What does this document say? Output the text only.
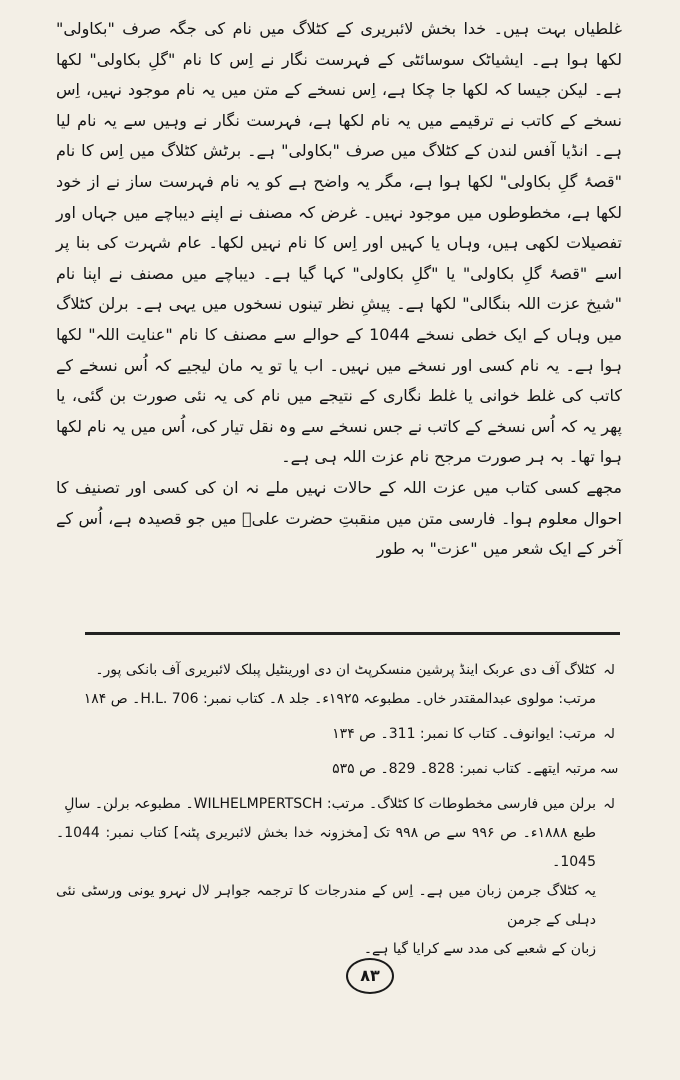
غلطیاں بہت ہیں۔ خدا بخش لائبریری کے کٹلاگ میں نام کی جگہ صرف "بکاولی" لکھا ہوا ہے۔ ایشیاٹک سوسائٹی کے فہرست نگار نے اِس کا نام "گلِ بکاولی" لکھا ہے۔ لیکن جیسا کہ لکھا جا چکا ہے، اِس نسخے کے متن میں یہ نام موجود نہیں، اِس نسخے کے کاتب نے ترقیمے میں یہ نام لکھا ہے، فہرست نگار نے وہیں سے یہ نام لیا ہے۔ انڈیا آفس لندن کے کٹلاگ میں صرف "بکاولی" ہے۔ برٹش کٹلاگ میں اِس کا نام "قصۂ گلِ بکاولی" لکھا ہوا ہے، مگر یہ واضح ہے کو یہ نام فہرست ساز نے از خود لکھا ہے، مخطوطوں میں موجود نہیں۔ غرض کہ مصنف نے اپنے دیباچے میں جہاں اور تفصیلات لکھی ہیں، وہاں یا کہیں اور اِس کا نام نہیں لکھا۔ عام شہرت کی بنا پر اسے "قصۂ گلِ بکاولی" یا "گلِ بکاولی" کہا گیا ہے۔ دیباچے میں مصنف نے اپنا نام "شیخ عزت اللہ بنگالی" لکھا ہے۔ پیشِ نظر تینوں نسخوں میں یہی ہے۔ برلن کٹلاگ میں وہاں کے ایک خطی نسخے 1044 کے حوالے سے مصنف کا نام "عنایت اللہ" لکھا ہوا ہے۔ یہ نام کسی اور نسخے میں نہیں۔ اب یا تو یہ مان لیجیے کہ اُس نسخے کے کاتب کی غلط خوانی یا غلط نگاری کے نتیجے میں نام کی یہ نئی صورت بن گئی، یا پھر یہ کہ اُس نسخے کے کاتب نے جس نسخے سے وہ نقل تیار کی، اُس میں یہ نام لکھا ہوا تھا۔ بہ ہر صورت مرجح نام عزت اللہ ہی ہے۔

مجھے کسی کتاب میں عزت اللہ کے حالات نہیں ملے نہ ان کی کسی اور تصنیف کا احوال معلوم ہوا۔ فارسی متن میں منقبتِ حضرت علیؑ میں جو قصیدہ ہے، اُس کے آخر کے ایک شعر میں "عزت" بہ طور

لہ
کٹلاگ آف دی عربک اینڈ پرشین منسکرپٹ ان دی اورینٹیل پبلک لائبریری آف بانکی پور۔
مرتب: مولوی عبدالمقتدر خاں۔ مطبوعہ ۱۹۲۵ء۔ جلد ۸۔ کتاب نمبر: H.L. 706۔ ص ۱۸۴
لہ
مرتب: ایوانوف۔ کتاب کا نمبر: 311۔ ص ۱۳۴
سہ
مرتبہ ایتھے۔ کتاب نمبر: 828۔ 829۔ ص ۵۳۵
لہ
برلن میں فارسی مخطوطات کا کٹلاگ۔ مرتب: WILHELMPERTSCH۔ مطبوعہ برلن۔ سالِ
طبع ۱۸۸۸ء۔ ص ۹۹۶ سے ص ۹۹۸ تک [مخزونہ خدا بخش لائبریری پٹنہ] کتاب نمبر: 1044۔ 1045۔
یہ کٹلاگ جرمن زبان میں ہے۔ اِس کے مندرجات کا ترجمہ جواہر لال نہرو یونی ورسٹی نئی دہلی کے جرمن
زبان کے شعبے کی مدد سے کرایا گیا ہے۔
۸۳
